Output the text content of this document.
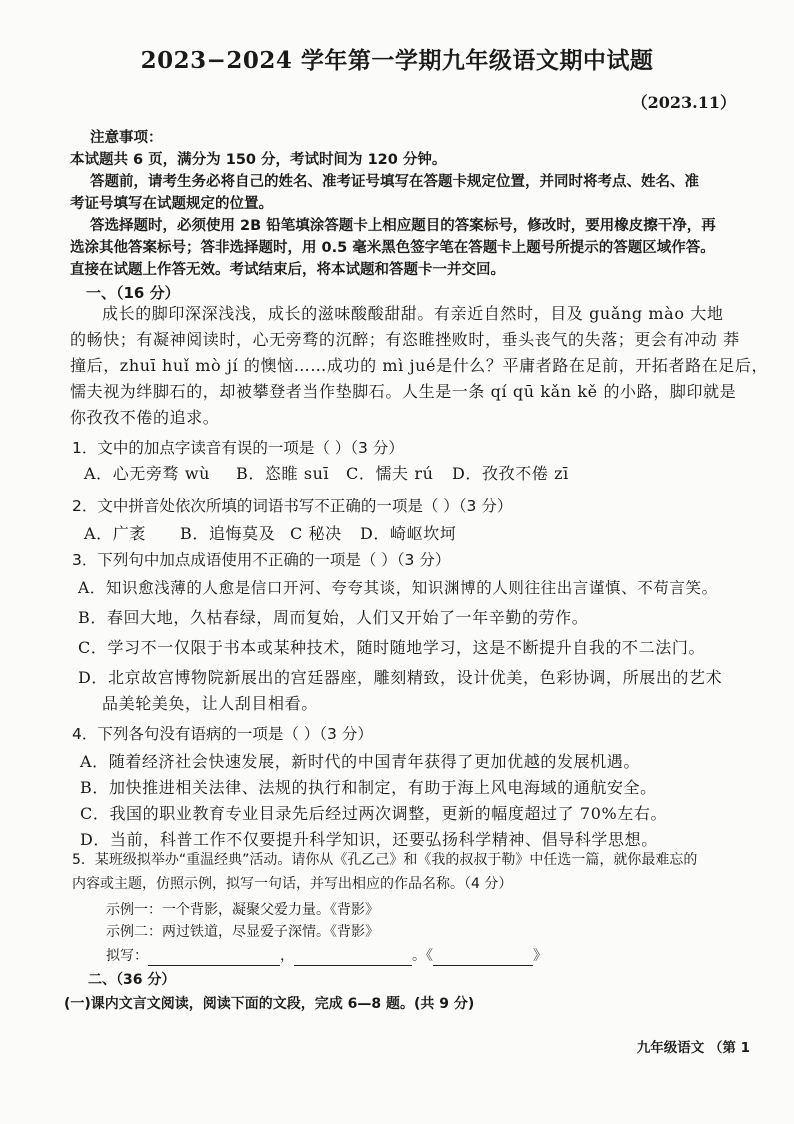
2023−2024 学年第一学期九年级语文期中试题
（2023.11）
注意事项：
本试题共 6 页，满分为 150 分，考试时间为 120 分钟。
答题前，请考生务必将自己的姓名、准考证号填写在答题卡规定位置，并同时将考点、姓名、准
考证号填写在试题规定的位置。
答选择题时，必须使用 2B 铅笔填涂答题卡上相应题目的答案标号，修改时，要用橡皮擦干净，再
选涂其他答案标号；答非选择题时，用 0.5 毫米黑色签字笔在答题卡上题号所提示的答题区域作答。
直接在试题上作答无效。考试结束后，将本试题和答题卡一并交回。
一、（16 分）
成长的脚印深深浅浅，成长的滋味酸酸甜甜。有亲近自然时，目及 guǎng mào 大地
的畅快；有凝神阅读时，心无旁骛的沉醉；有恣睢挫败时，垂头丧气的失落；更会有冲动 莽
撞后，zhuī huǐ mò jí 的懊恼……成功的 mì jué是什么？平庸者路在足前，开拓者路在足后，
懦夫视为绊脚石的，却被攀登者当作垫脚石。人生是一条 qí qū kǎn kě 的小路，脚印就是
你孜孜不倦的追求。
1．文中的加点字读音有误的一项是（ ）（3 分）
A．心无旁骛 wù B．恣睢 suī C．懦夫 rú D．孜孜不倦 zī
2．文中拼音处依次所填的词语书写不正确的一项是（ ）（3 分）
A．广袤 B．追悔莫及 C 秘决 D．崎岖坎坷
3．下列句中加点成语使用不正确的一项是（ ）（3 分）
A．知识愈浅薄的人愈是信口开河、夸夸其谈，知识渊博的人则往往出言谨慎、不苟言笑。
B．春回大地，久枯春绿，周而复始，人们又开始了一年辛勤的劳作。
C．学习不一仅限于书本或某种技术，随时随地学习，这是不断提升自我的不二法门。
D．北京故宫博物院新展出的宫廷器座，雕刻精致，设计优美，色彩协调，所展出的艺术
品美轮美奂，让人刮目相看。
4．下列各句没有语病的一项是（ ）（3 分）
A．随着经济社会快速发展，新时代的中国青年获得了更加优越的发展机遇。
B．加快推进相关法律、法规的执行和制定，有助于海上风电海域的通航安全。
C．我国的职业教育专业目录先后经过两次调整，更新的幅度超过了 70%左右。
D．当前，科普工作不仅要提升科学知识，还要弘扬科学精神、倡导科学思想。
5．某班级拟举办“重温经典”活动。请你从《孔乙己》和《我的叔叔于勒》中任选一篇，就你最难忘的
内容或主题，仿照示例，拟写一句话，并写出相应的作品名称。（4 分）
示例一：一个背影，凝聚父爱力量。《背影》
示例二：两过铁道，尽显爱子深情。《背影》
拟写：	，	。《	》
二、（36 分）
(一)课内文言文阅读，阅读下面的文段，完成 6—8 题。(共 9 分)
九年级语文 （第 1
